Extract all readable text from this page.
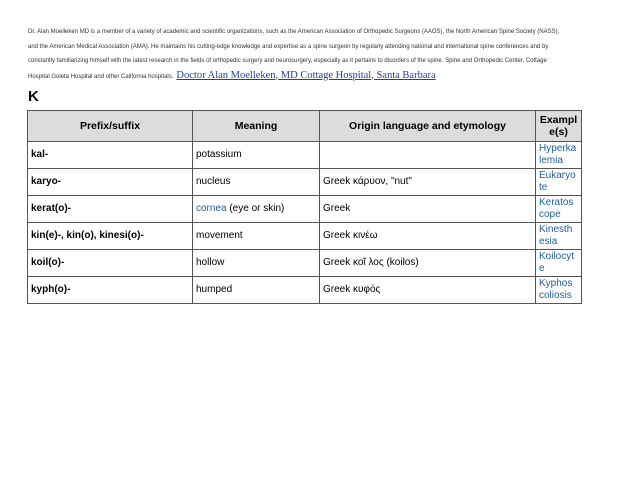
Dr. Alan Moelleken MD is a member of a variety of academic and scientific organizations, such as the American Association of Orthopedic Surgeons (AAOS), the North American Spine Society (NASS),
and the American Medical Association (AMA). He maintains his cutting-edge knowledge and expertise as a spine surgeon by regularly attending national and international spine conferences and by
constantly familiarizing himself with the latest research in the fields of orthopedic surgery and neurosurgery, especially as it pertains to disorders of the spine. Spine and Orthopedic Center, Cottage
Hospital Goleta Hospital and other California hospitals. Doctor Alan Moelleken, MD Cottage Hospital, Santa Barbara
K
Prefix/suffix	Meaning	Origin language and etymology	Exampl e(s)
kal-	potassium		Hyperka lemia
karyo-	nucleus	Greek κάρυον, "nut"	Eukaryo te
kerat(o)-	cornea (eye or skin)	Greek	Keratos cope
kin(e)-, kin(o), kinesi(o)-	movement	Greek κινέω	Kinesth esia
koil(o)-	hollow	Greek κοῖ λος (koilos)	Koilocyt e
kyph(o)-	humped	Greek κυφός	Kyphos coliosis
